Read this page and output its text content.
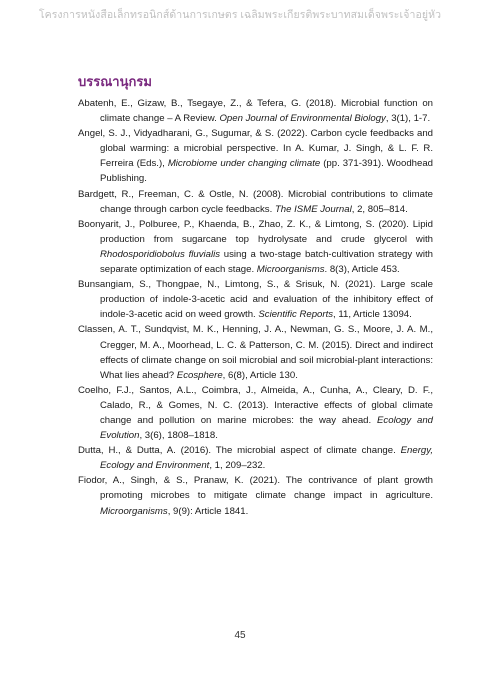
โครงการหนังสือเล็กทรอนิกส์ด้านการเกษตร เฉลิมพระเกียรติพระบาทสมเด็จพระเจ้าอยู่หัว
บรรณานุกรม

Abatenh, E., Gizaw, B., Tsegaye, Z., & Tefera, G. (2018). Microbial function on climate change – A Review. Open Journal of Environmental Biology, 3(1), 1-7.

Angel, S. J., Vidyadharani, G., Sugumar, & S. (2022). Carbon cycle feedbacks and global warming: a microbial perspective. In A. Kumar, J. Singh, & L. F. R. Ferreira (Eds.), Microbiome under changing climate (pp. 371-391). Woodhead Publishing.

Bardgett, R., Freeman, C. & Ostle, N. (2008). Microbial contributions to climate change through carbon cycle feedbacks. The ISME Journal, 2, 805–814.

Boonyarit, J., Polburee, P., Khaenda, B., Zhao, Z. K., & Limtong, S. (2020). Lipid production from sugarcane top hydrolysate and crude glycerol with Rhodosporidiobolus fluvialis using a two-stage batch-cultivation strategy with separate optimization of each stage. Microorganisms. 8(3), Article 453.

Bunsangiam, S., Thongpae, N., Limtong, S., & Srisuk, N. (2021). Large scale production of indole-3-acetic acid and evaluation of the inhibitory effect of indole-3-acetic acid on weed growth. Scientific Reports, 11, Article 13094.

Classen, A. T., Sundqvist, M. K., Henning, J. A., Newman, G. S., Moore, J. A. M., Cregger, M. A., Moorhead, L. C. & Patterson, C. M. (2015). Direct and indirect effects of climate change on soil microbial and soil microbial-plant interactions: What lies ahead? Ecosphere, 6(8), Article 130.

Coelho, F.J., Santos, A.L., Coimbra, J., Almeida, A., Cunha, A., Cleary, D. F., Calado, R., & Gomes, N. C. (2013). Interactive effects of global climate change and pollution on marine microbes: the way ahead. Ecology and Evolution, 3(6), 1808–1818.

Dutta, H., & Dutta, A. (2016). The microbial aspect of climate change. Energy, Ecology and Environment, 1, 209–232.

Fiodor, A., Singh, & S., Pranaw, K. (2021). The contrivance of plant growth promoting microbes to mitigate climate change impact in agriculture. Microorganisms, 9(9): Article 1841.

45
